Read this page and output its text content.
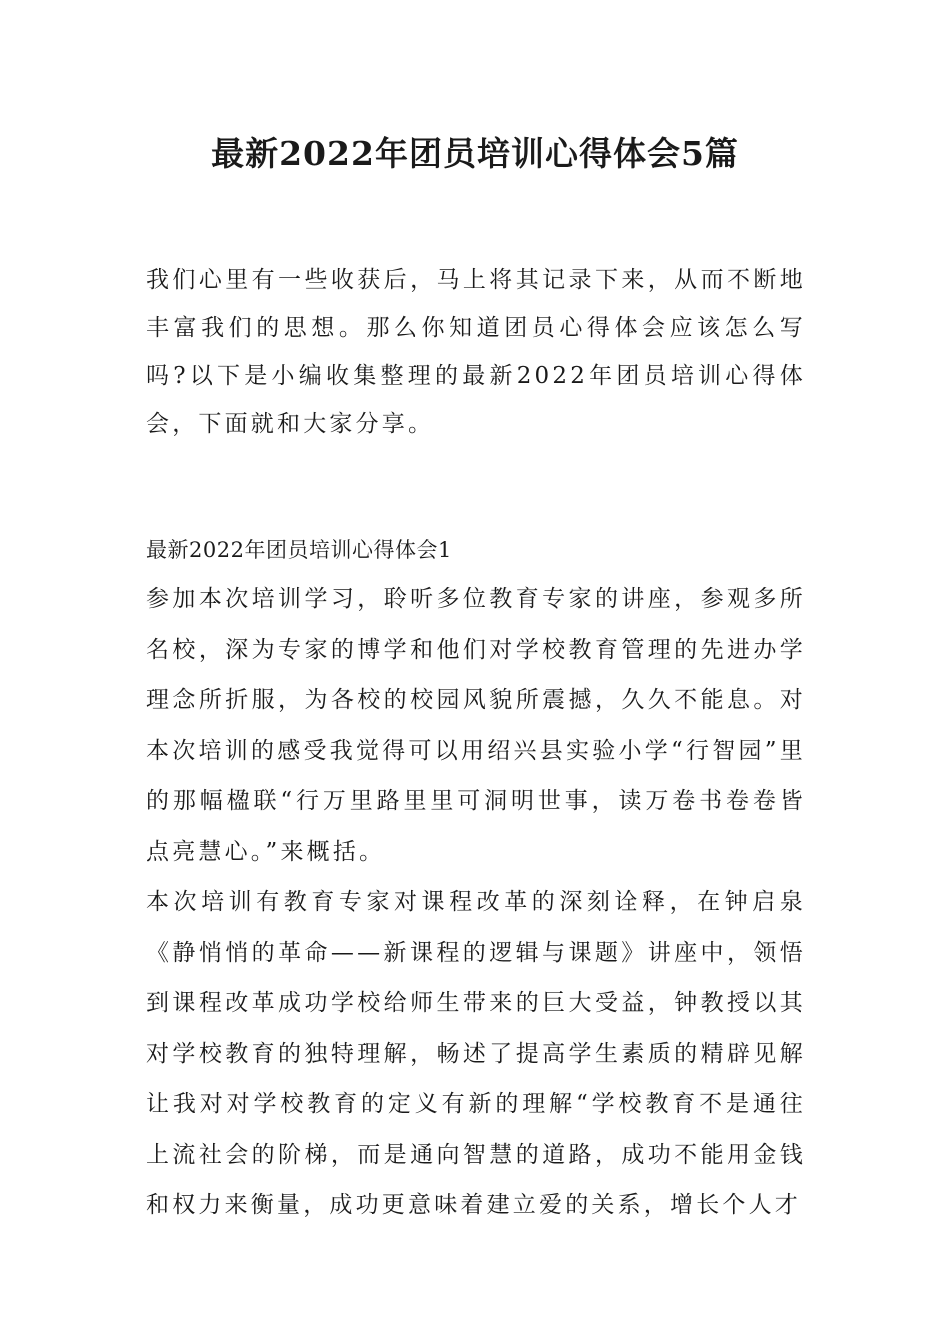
最新2022年团员培训心得体会5篇

我们心里有一些收获后，马上将其记录下来，从而不断地丰富我们的思想。那么你知道团员心得体会应该怎么写吗?以下是小编收集整理的最新2022年团员培训心得体会，下面就和大家分享。

最新2022年团员培训心得体会1

参加本次培训学习，聆听多位教育专家的讲座，参观多所名校，深为专家的博学和他们对学校教育管理的先进办学理念所折服，为各校的校园风貌所震撼，久久不能息。对本次培训的感受我觉得可以用绍兴县实验小学“行智园”里的那幅楹联“行万里路里里可洞明世事，读万卷书卷卷皆点亮慧心。”来概括。

本次培训有教育专家对课程改革的深刻诠释，在钟启泉《静悄悄的革命——新课程的逻辑与课题》讲座中，领悟到课程改革成功学校给师生带来的巨大受益，钟教授以其对学校教育的独特理解，畅述了提高学生素质的精辟见解让我对对学校教育的定义有新的理解“学校教育不是通往上流社会的阶梯，而是通向智慧的道路，成功不能用金钱和权力来衡量，成功更意味着建立爱的关系，增长个人才
